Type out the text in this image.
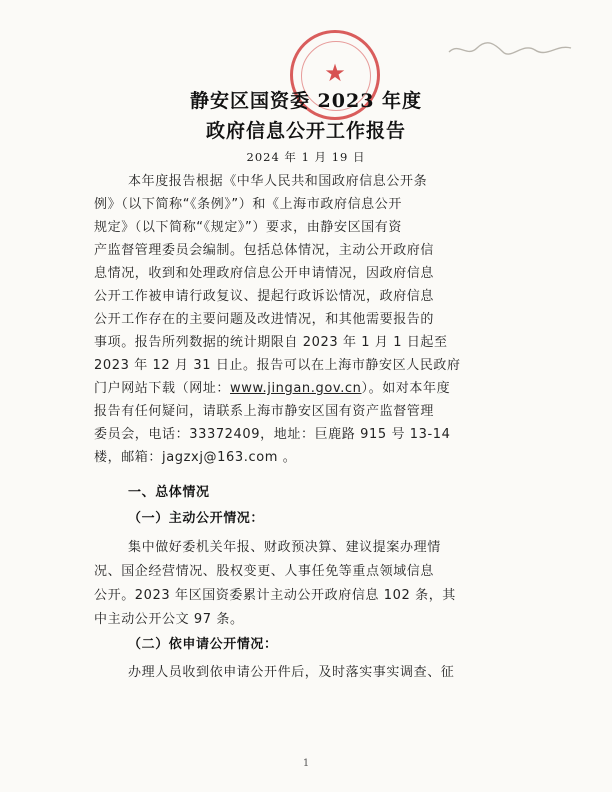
★
静安区国资委 2023 年度
政府信息公开工作报告
2024 年 1 月 19 日
本年度报告根据《中华人民共和国政府信息公开条
例》（以下简称“《条例》”）和《上海市政府信息公开
规定》（以下简称“《规定》”）要求，由静安区国有资
产监督管理委员会编制。包括总体情况，主动公开政府信
息情况，收到和处理政府信息公开申请情况，因政府信息
公开工作被申请行政复议、提起行政诉讼情况，政府信息
公开工作存在的主要问题及改进情况，和其他需要报告的
事项。报告所列数据的统计期限自 2023 年 1 月 1 日起至
2023 年 12 月 31 日止。报告可以在上海市静安区人民政府
门户网站下载（网址：www.jingan.gov.cn）。如对本年度
报告有任何疑问，请联系上海市静安区国有资产监督管理
委员会，电话：33372409，地址：巨鹿路 915 号 13-14
楼，邮箱：jagzxj@163.com 。
一、总体情况
（一）主动公开情况：
集中做好委机关年报、财政预决算、建议提案办理情
况、国企经营情况、股权变更、人事任免等重点领域信息
公开。2023 年区国资委累计主动公开政府信息 102 条，其
中主动公开公文 97 条。
（二）依申请公开情况：
办理人员收到依申请公开件后，及时落实事实调查、征
1
